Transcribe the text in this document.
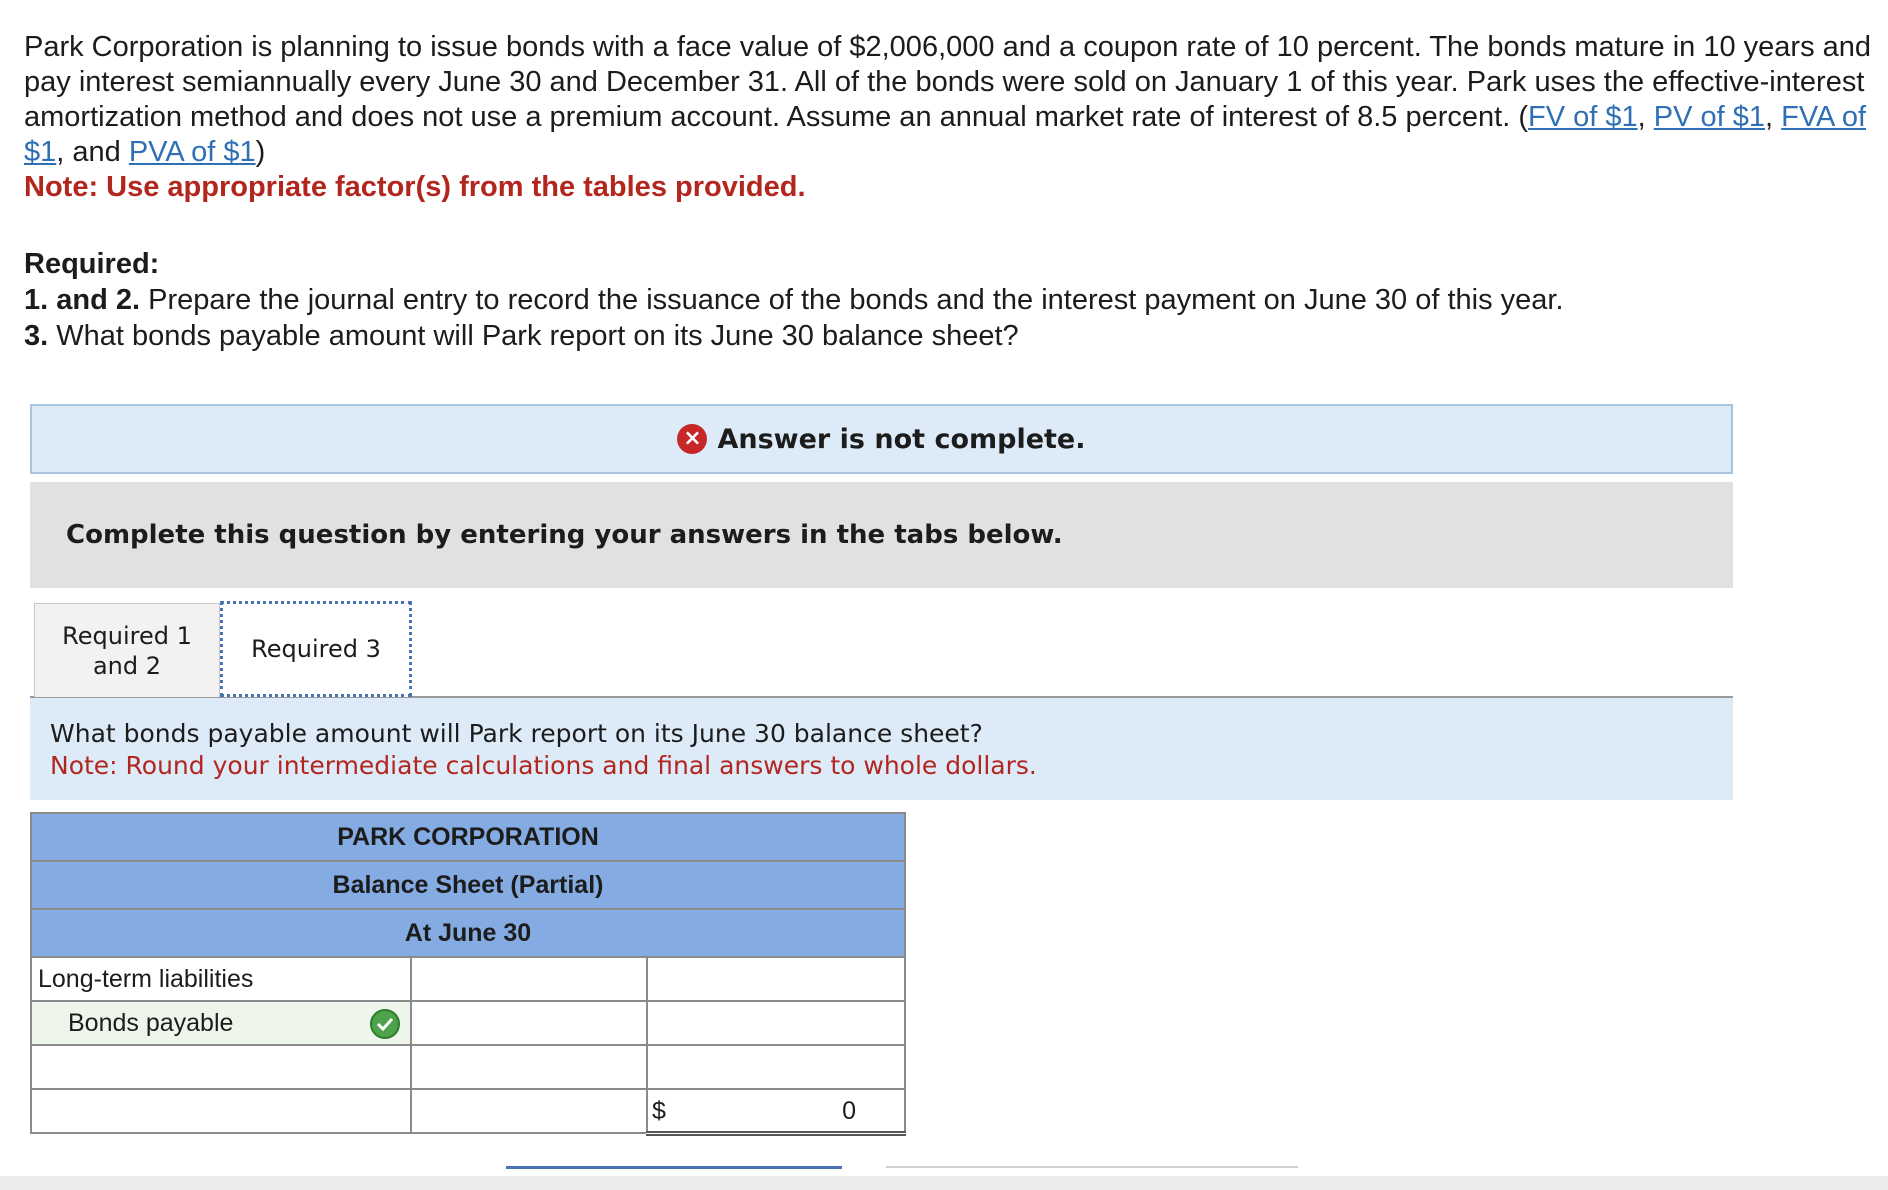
Park Corporation is planning to issue bonds with a face value of $2,006,000 and a coupon rate of 10 percent. The bonds mature in 10 years and pay interest semiannually every June 30 and December 31. All of the bonds were sold on January 1 of this year. Park uses the effective-interest amortization method and does not use a premium account. Assume an annual market rate of interest of 8.5 percent. (FV of $1, PV of $1, FVA of $1, and PVA of $1)
Note: Use appropriate factor(s) from the tables provided.
Required:
1. and 2. Prepare the journal entry to record the issuance of the bonds and the interest payment on June 30 of this year.
3. What bonds payable amount will Park report on its June 30 balance sheet?
× Answer is not complete.
Complete this question by entering your answers in the tabs below.
Required 1
and 2
Required 3
What bonds payable amount will Park report on its June 30 balance sheet?
Note: Round your intermediate calculations and final answers to whole dollars.
PARK CORPORATION		
Balance Sheet (Partial)		
At June 30		
Long-term liabilities		
Bonds payable

		$ 0
